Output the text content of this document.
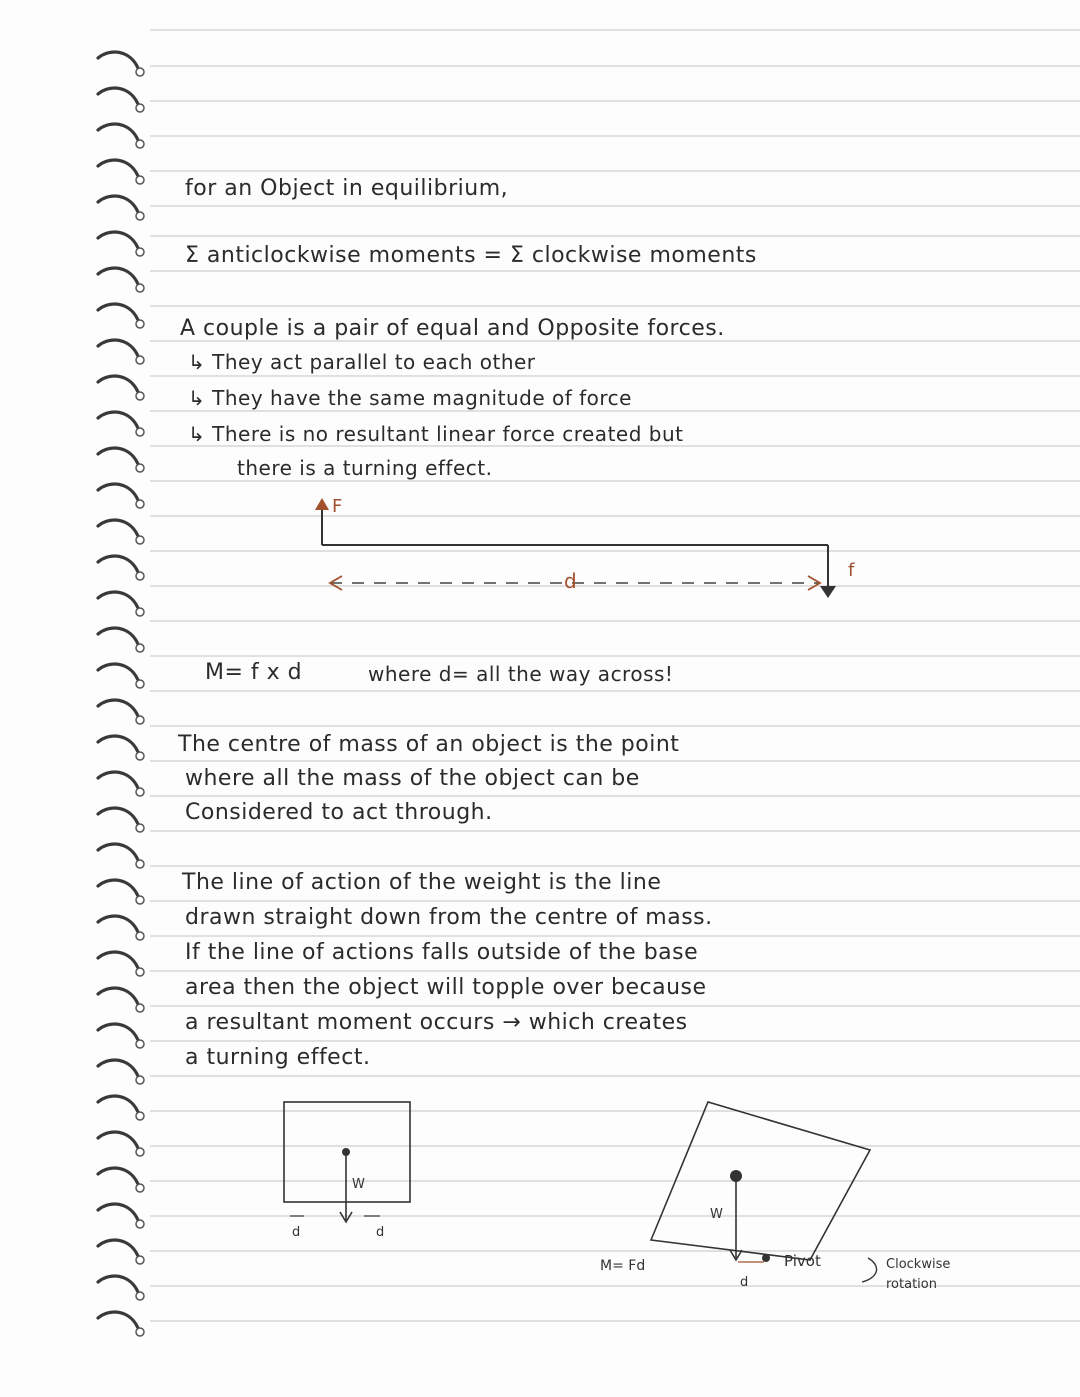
for an Object in equilibrium,
Σ anticlockwise moments = Σ clockwise moments
A couple is a pair of equal and Opposite forces.
↳ They act parallel to each other
↳ They have the same magnitude of force
↳ There is no resultant linear force created but
there is a turning effect.
F
f
d
M= f x d	where d= all the way across!
The centre of mass of an object is the point
where all the mass of the object can be
Considered to act through.
The line of action of the weight is the line
drawn straight down from the centre of mass.
If the line of actions falls outside of the base
area then the object will topple over because
a resultant moment occurs → which creates
a turning effect.
W
d	d
W
d
M= Fd	Pivot	Clockwise
rotation
